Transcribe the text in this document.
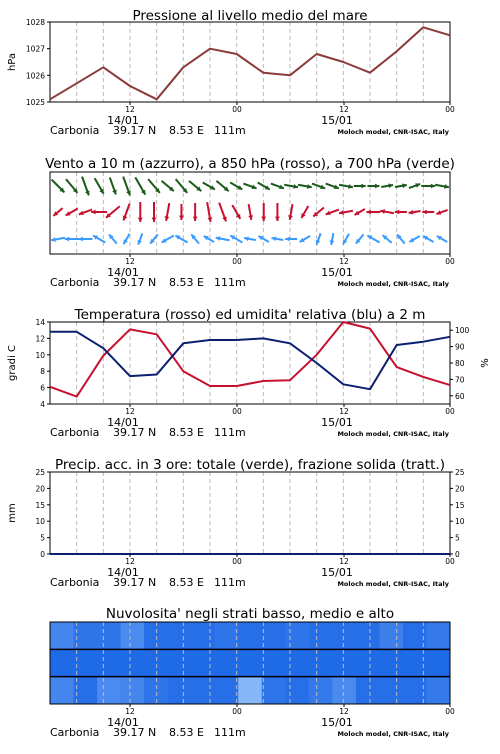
Pressione al livello medio del mare
1025
1026
1027
1028
hPa
12	00	12	00
14/01	15/01
Carbonia 39.17 N 8.53 E 111m	Moloch model, CNR-ISAC, Italy
Vento a 10 m (azzurro), a 850 hPa (rosso), a 700 hPa (verde)
12	00	12	00
14/01	15/01
Carbonia 39.17 N 8.53 E 111m	Moloch model, CNR-ISAC, Italy
Temperatura (rosso) ed umidita' relativa (blu) a 2 m
4
6
8
10
12
14
60
70
80
90
100
gradi C	%
12	00	12	00
14/01	15/01
Carbonia 39.17 N 8.53 E 111m	Moloch model, CNR-ISAC, Italy
Precip. acc. in 3 ore: totale (verde), frazione solida (tratt.)
0
5
10
15
20
25
0
5
10
15
20
25
mm
12	00	12	00
14/01	15/01
Carbonia 39.17 N 8.53 E 111m	Moloch model, CNR-ISAC, Italy
Nuvolosita' negli strati basso, medio e alto
12	00	12	00
14/01	15/01
Carbonia 39.17 N 8.53 E 111m	Moloch model, CNR-ISAC, Italy
